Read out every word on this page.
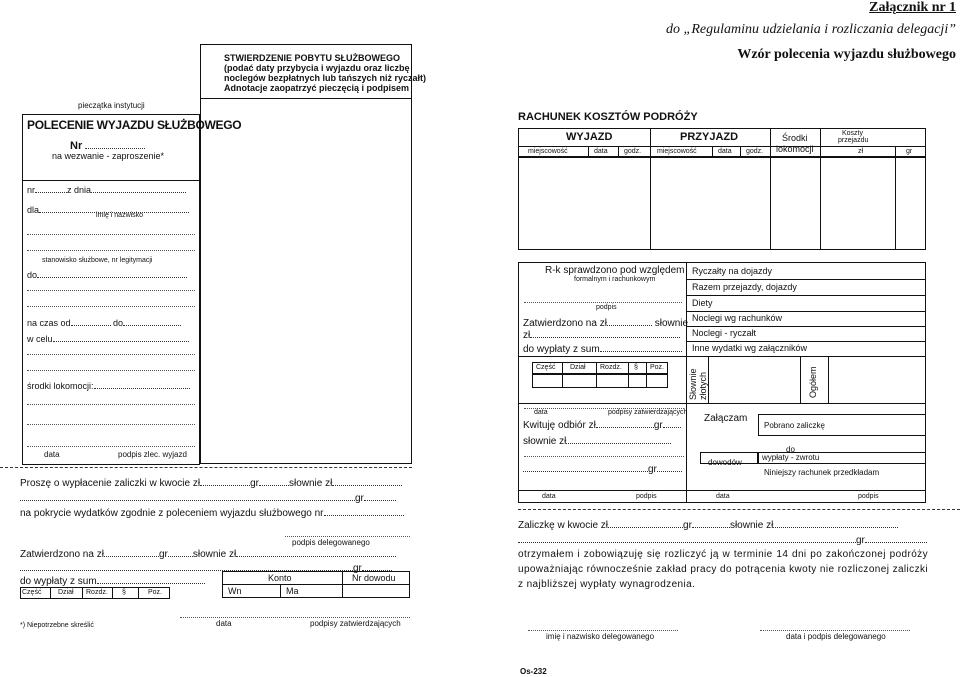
Załącznik nr 1
do „Regulaminu udzielania i rozliczania delegacji”
Wzór polecenia wyjazdu służbowego
STWIERDZENIE POBYTU SŁUŻBOWEGO
(podać daty przybycia i wyjazdu oraz liczbę
noclegów bezpłatnych lub tańszych niż ryczałt)
Adnotacje zaopatrzyć pieczęcią i podpisem
pieczątka instytucji
POLECENIE WYJAZDU SŁUŻBOWEGO
Nr
na wezwanie - zaproszenie*
nr	z dnia
dla
imię i nazwisko
stanowisko służbowe, nr legitymacji
do
na czas od	do
w celu
środki lokomocji:
data	podpis zlec. wyjazd
Proszę o wypłacenie zaliczki w kwocie zł	gr	słownie zł
gr
na pokrycie wydatków zgodnie z poleceniem wyjazdu służbowego nr
podpis delegowanego
Zatwierdzono na zł	gr	słownie zł
gr
do wypłaty z sum	Konto	Nr dowodu
Wn	Ma
Część Dział Rozdz. §	Poz.
*) Niepotrzebne skreślić	data	podpisy zatwierdzających
RACHUNEK KOSZTÓW PODRÓŻY
WYJAZD	PRZYJAZD	Środki
lokomocji
Koszty
przejazdu
miejscowość	data godz. miejscowość	data godz.	zł	gr
R-k sprawdzono pod względem
formalnym i rachunkowym
podpis
Zatwierdzono na zł	słownie
zł
do wypłaty z sum
Ryczałty na dojazdy
Razem przejazdy, dojazdy
Diety
Noclegi wg rachunków
Noclegi - ryczałt
Inne wydatki wg załączników
Część Dział Rozdz. § Poz.
Słownie złotych	Ogółem
data	podpisy zatwierdzających
Kwituję odbiór zł	gr
słownie zł
gr
Załączam
Pobrano zaliczkę
do
wypłaty - zwrotu
dowodów
Niniejszy rachunek przedkładam
data	podpis	data	podpis
Zaliczkę w kwocie zł	gr	słownie zł
gr
otrzymałem i zobowiązuję się rozliczyć ją w terminie 14 dni po zakończonej podróży upoważniając równocześnie zakład pracy do potrącenia kwoty nie rozliczonej zaliczki z najbliższej wypłaty wynagrodzenia.
imię i nazwisko delegowanego	data i podpis delegowanego
Os-232
